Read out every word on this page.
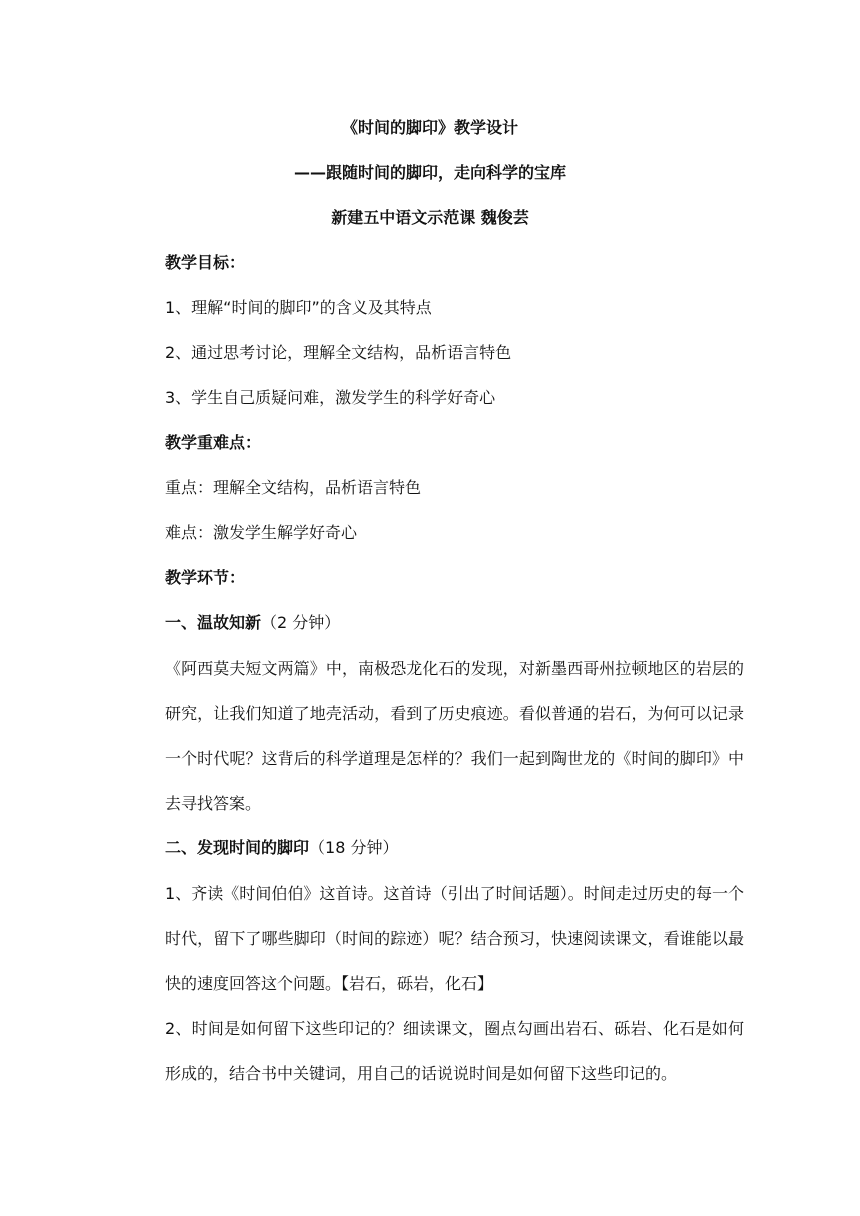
《时间的脚印》教学设计
——跟随时间的脚印，走向科学的宝库
新建五中语文示范课 魏俊芸
教学目标：
1、理解“时间的脚印”的含义及其特点
2、通过思考讨论，理解全文结构，品析语言特色
3、学生自己质疑问难，激发学生的科学好奇心
教学重难点：
重点：理解全文结构，品析语言特色
难点：激发学生解学好奇心
教学环节：
一、温故知新（2 分钟）
《阿西莫夫短文两篇》中，南极恐龙化石的发现，对新墨西哥州拉顿地区的岩层的研究，让我们知道了地壳活动，看到了历史痕迹。看似普通的岩石，为何可以记录一个时代呢？这背后的科学道理是怎样的？我们一起到陶世龙的《时间的脚印》中去寻找答案。
二、发现时间的脚印（18 分钟）
1、齐读《时间伯伯》这首诗。这首诗（引出了时间话题）。时间走过历史的每一个时代，留下了哪些脚印（时间的踪迹）呢？结合预习，快速阅读课文，看谁能以最快的速度回答这个问题。【岩石，砾岩，化石】
2、时间是如何留下这些印记的？细读课文，圈点勾画出岩石、砾岩、化石是如何形成的，结合书中关键词，用自己的话说说时间是如何留下这些印记的。
